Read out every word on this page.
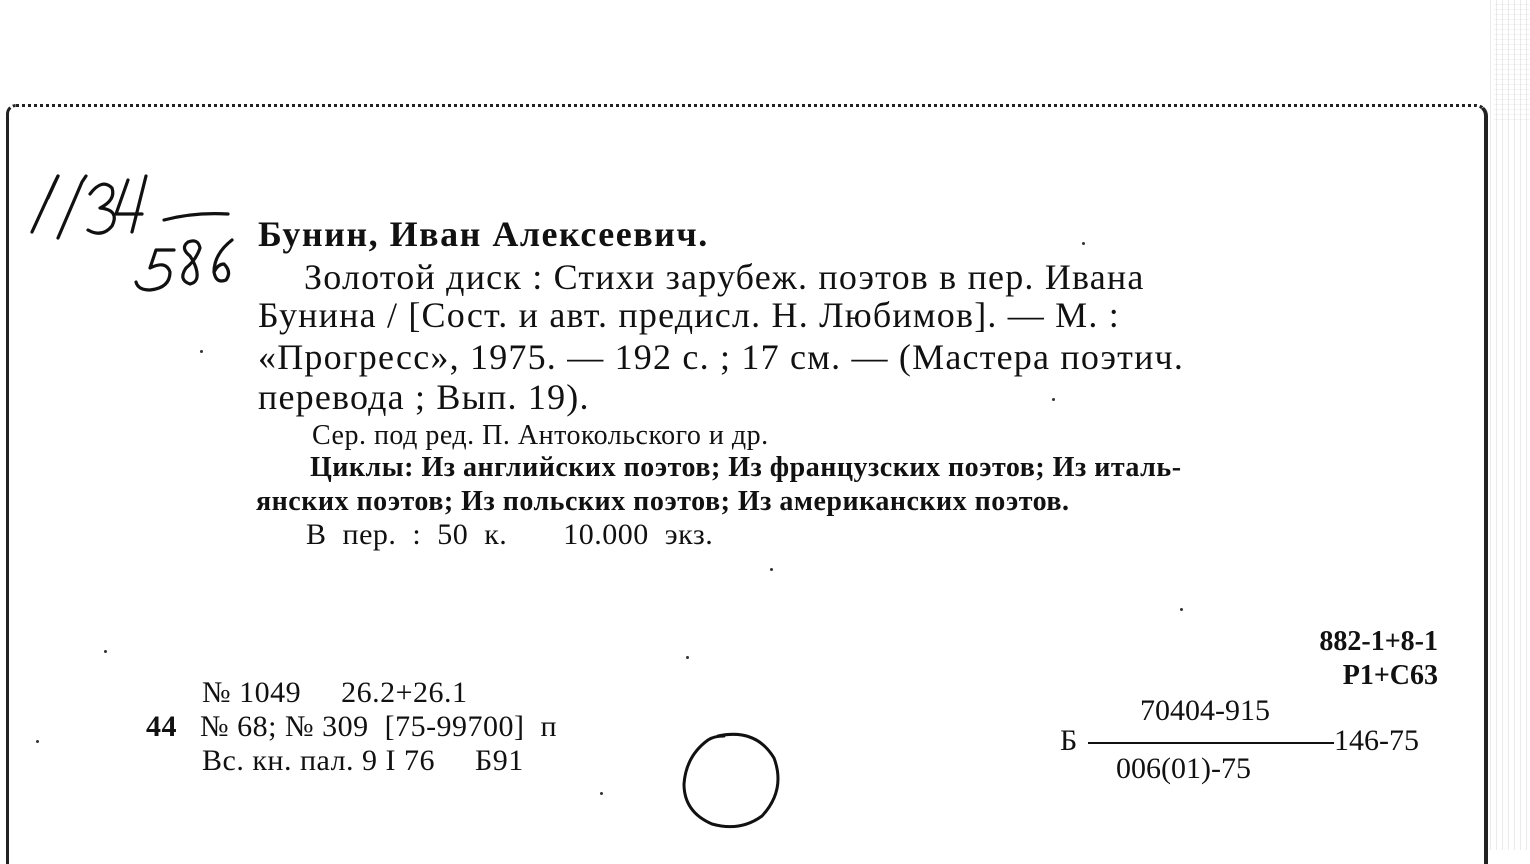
Бунин, Иван Алексеевич.
Золотой диск : Стихи зарубеж. поэтов в пер. Ивана
Бунина / [Сост. и авт. предисл. Н. Любимов]. — М. :
«Прогресс», 1975. — 192 с. ; 17 см. — (Мастера поэтич.
перевода ; Вып. 19).
Сер. под ред. П. Антокольского и др.
Циклы: Из английских поэтов; Из французских поэтов; Из италь-
янских поэтов; Из польских поэтов; Из американских поэтов.
В  пер.  :  50  к.       10.000  экз.
№ 1049     26.2+26.1
44 № 68; № 309  [75-99700]  п
Вс. кн. пал. 9 I 76     Б91
882-1+8-1
Р1+С63
70404-915
Б	146-75
006(01)-75
